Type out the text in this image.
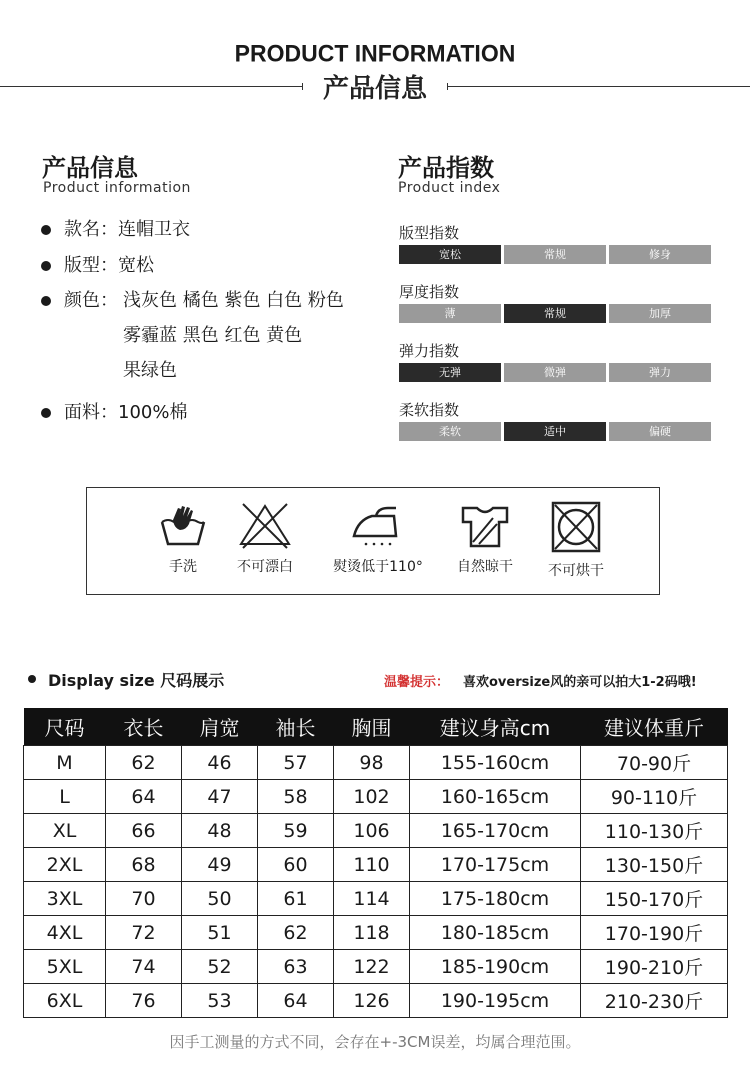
PRODUCT INFORMATION
产品信息
产品信息
Product information
款名：连帽卫衣
版型：宽松
颜色： 浅灰色 橘色 紫色 白色 粉色
雾霾蓝 黑色 红色 黄色
果绿色
面料：100%棉
产品指数
Product index
版型指数
宽松	常规	修身
厚度指数
薄	常规	加厚
弹力指数
无弹	微弹	弹力
柔软指数
柔软	适中	偏硬
手洗	不可漂白	熨烫低于110°	自然晾干	不可烘干
Display size 尺码展示	温馨提示： 喜欢oversize风的亲可以拍大1-2码哦!
尺码	衣长	肩宽	袖长	胸围	建议身高cm	建议体重斤
M	62	46	57	98	155-160cm	70-90斤
L	64	47	58	102	160-165cm	90-110斤
XL	66	48	59	106	165-170cm	110-130斤
2XL	68	49	60	110	170-175cm	130-150斤
3XL	70	50	61	114	175-180cm	150-170斤
4XL	72	51	62	118	180-185cm	170-190斤
5XL	74	52	63	122	185-190cm	190-210斤
6XL	76	53	64	126	190-195cm	210-230斤
因手工测量的方式不同，会存在+-3CM误差，均属合理范围。
